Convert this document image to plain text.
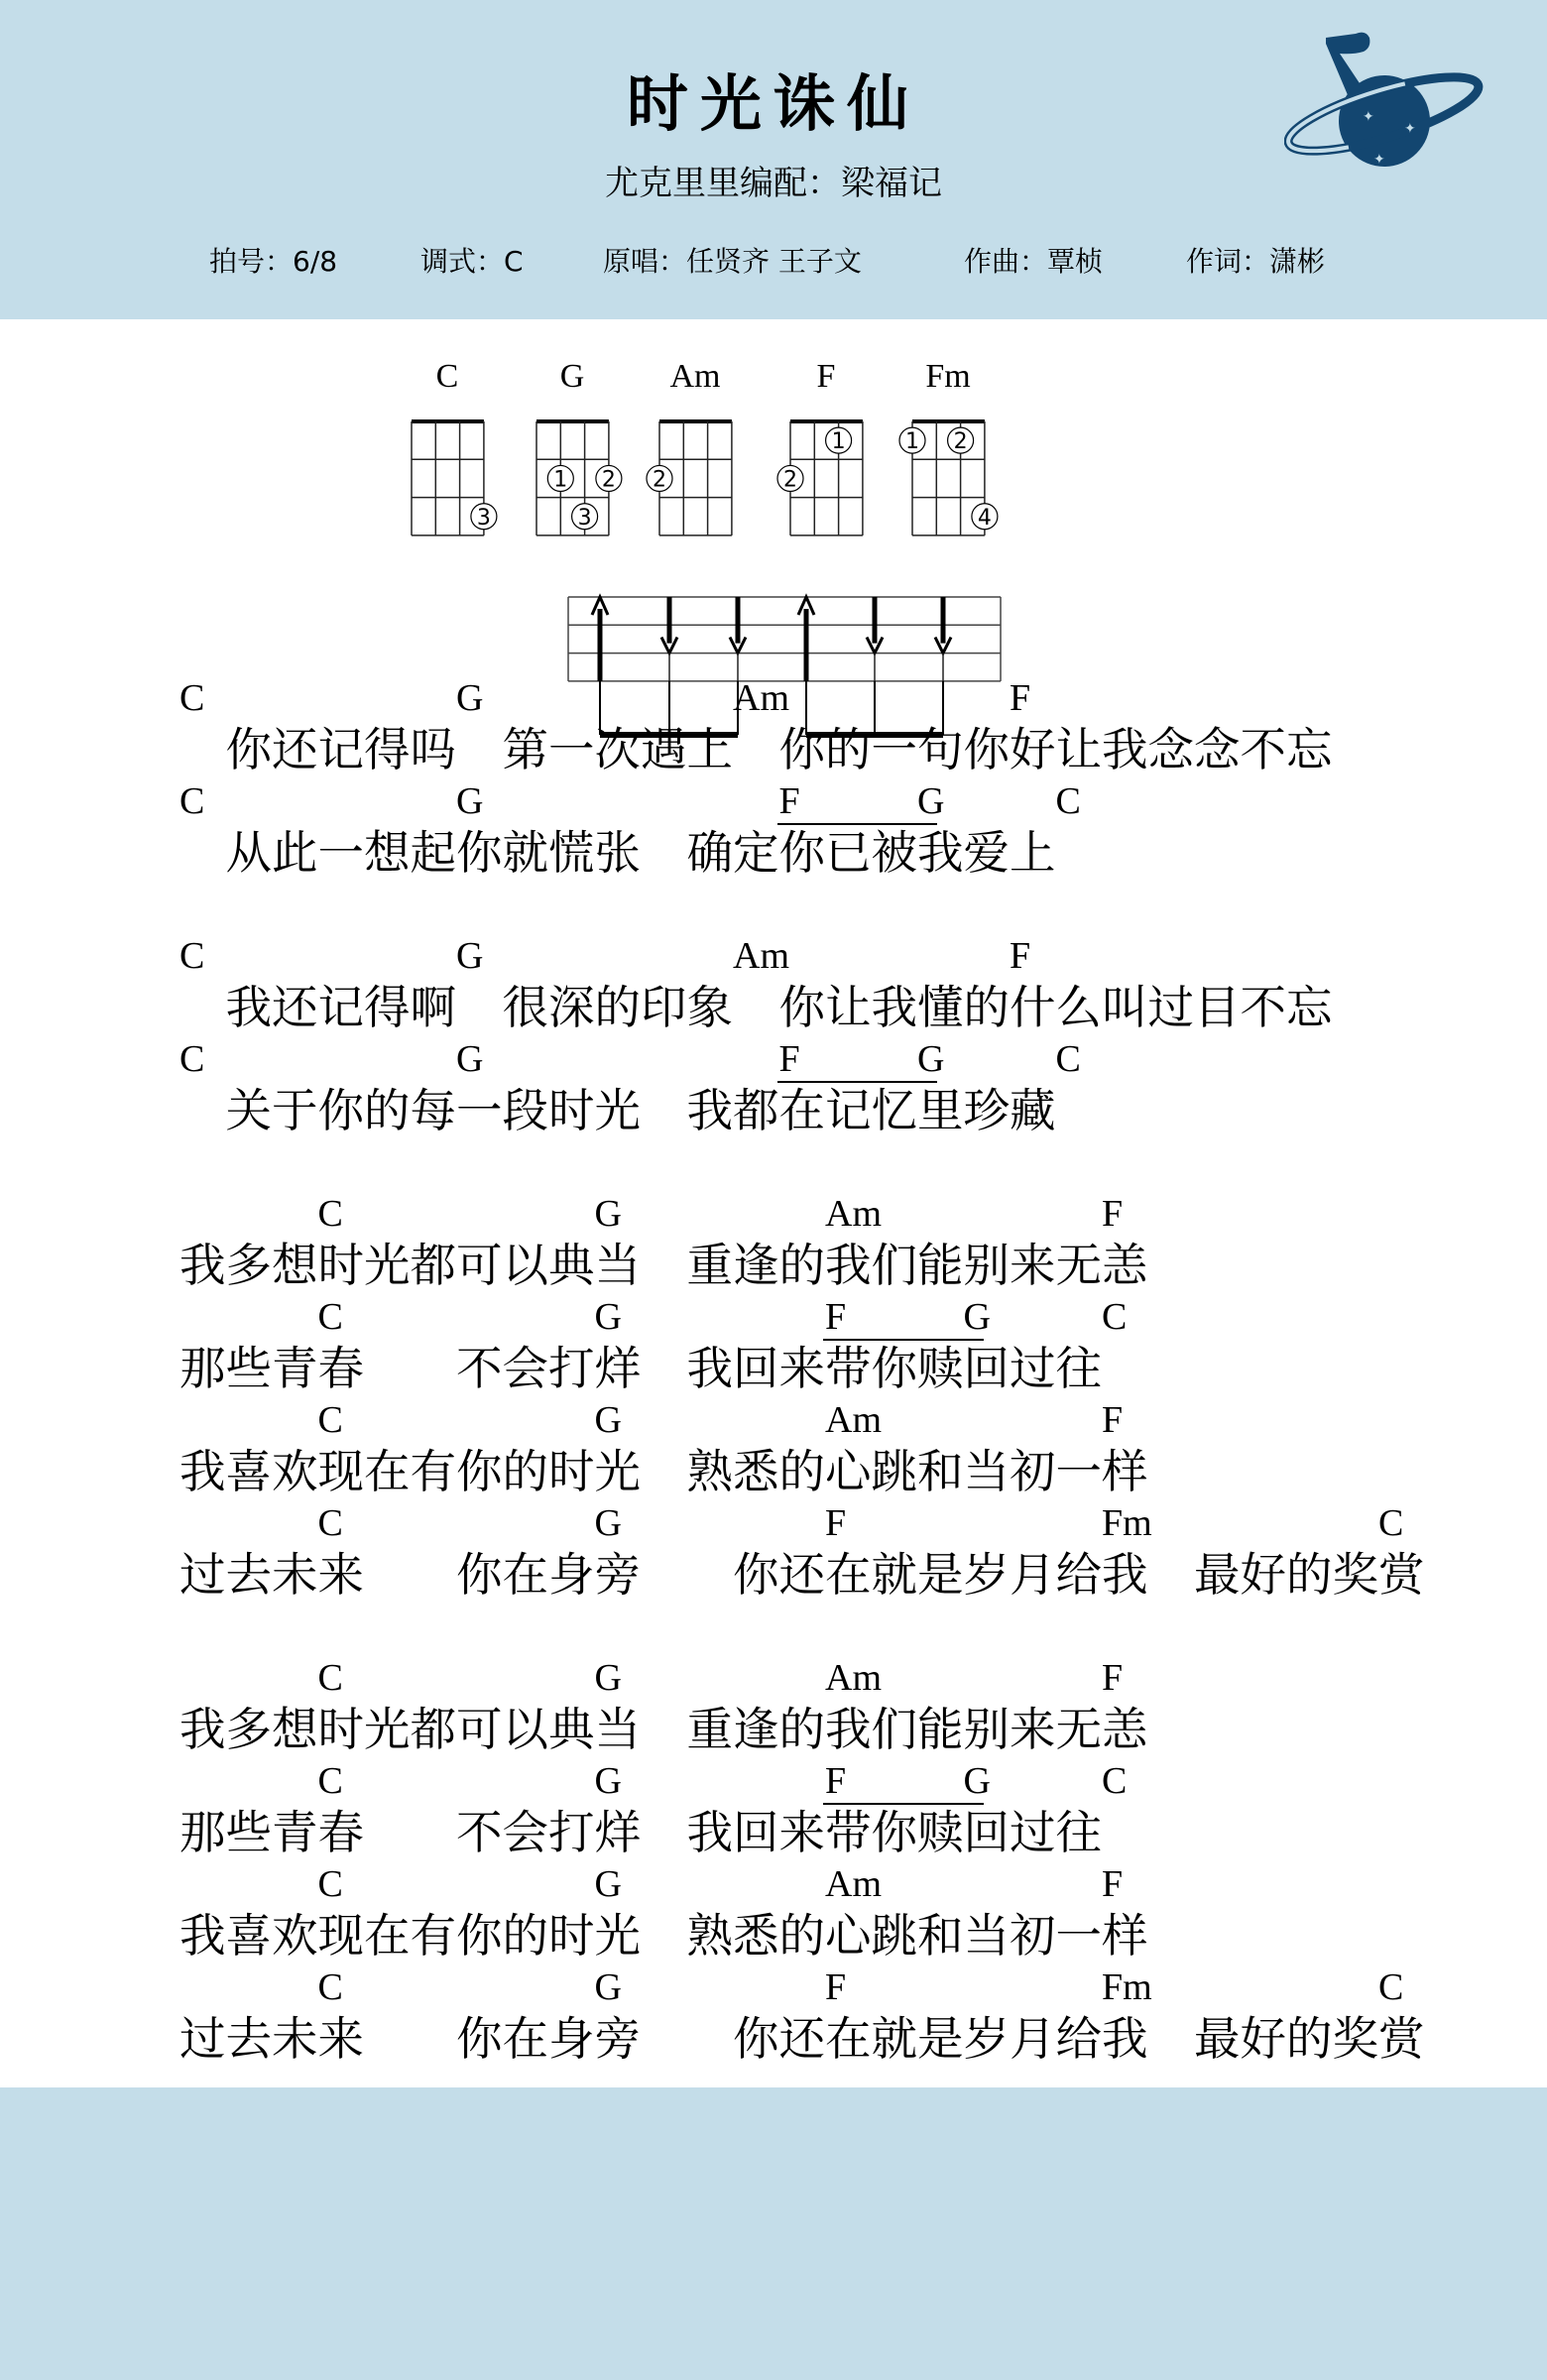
时光诛仙
尤克里里编配：梁福记
拍号：6/8	调式：C	原唱：任贤齐 王子文	作曲：覃桢	作词：潇彬
✦
✦
✦
C
3
G
1 2
3
Am
2
F
1
2
Fm
1 2
4
C	G	Am	F
　你还记得吗　第一次遇上　你的一句你好让我念念不忘
C	G	F	G	C
　从此一想起你就慌张　确定你已被我爱上
C	G	Am	F
　我还记得啊　很深的印象　你让我懂的什么叫过目不忘
C	G	F	G	C
　关于你的每一段时光　我都在记忆里珍藏
C	G	Am	F
我多想时光都可以典当　重逢的我们能别来无恙
C	G	F	G	C
那些青春　　不会打烊　我回来带你赎回过往
C	G	Am	F
我喜欢现在有你的时光　熟悉的心跳和当初一样
C	G	F	Fm	C
过去未来　　你在身旁　　你还在就是岁月给我　最好的奖赏
C	G	Am	F
我多想时光都可以典当　重逢的我们能别来无恙
C	G	F	G	C
那些青春　　不会打烊　我回来带你赎回过往
C	G	Am	F
我喜欢现在有你的时光　熟悉的心跳和当初一样
C	G	F	Fm	C
过去未来　　你在身旁　　你还在就是岁月给我　最好的奖赏
